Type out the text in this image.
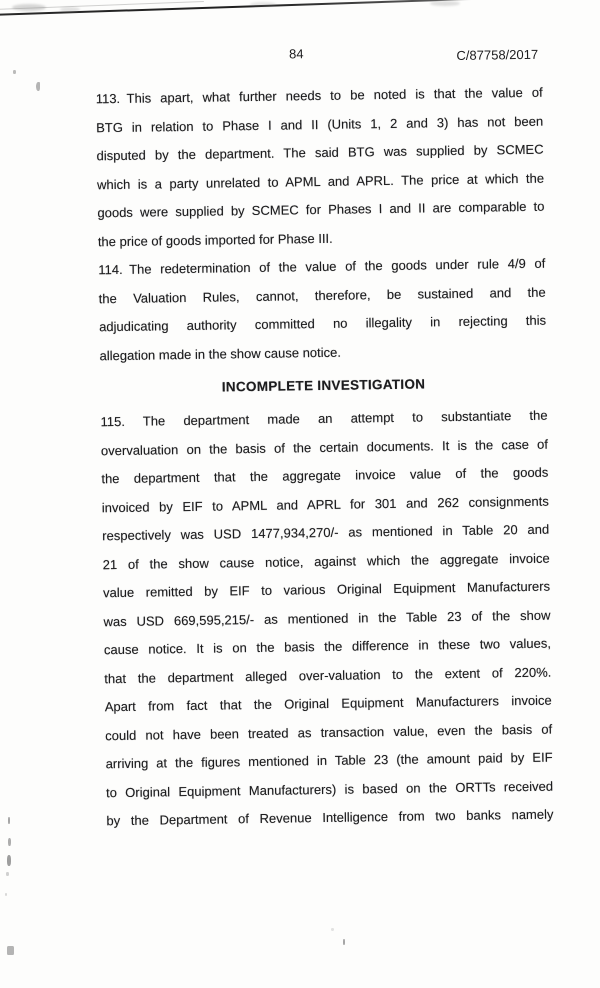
84	C/87758/2017

113. This apart, what further needs to be noted is that the value of
BTG in relation to Phase I and II (Units 1, 2 and 3) has not been
disputed by the department. The said BTG was supplied by SCMEC
which is a party unrelated to APML and APRL. The price at which the
goods were supplied by SCMEC for Phases I and II are comparable to
the price of goods imported for Phase III.

114. The redetermination of the value of the goods under rule 4/9 of
the Valuation Rules, cannot, therefore, be sustained and the
adjudicating authority committed no illegality in rejecting this
allegation made in the show cause notice.

INCOMPLETE INVESTIGATION

115. The department made an attempt to substantiate the
overvaluation on the basis of the certain documents. It is the case of
the department that the aggregate invoice value of the goods
invoiced by EIF to APML and APRL for 301 and 262 consignments
respectively was USD 1477,934,270/- as mentioned in Table 20 and
21 of the show cause notice, against which the aggregate invoice
value remitted by EIF to various Original Equipment Manufacturers
was USD 669,595,215/- as mentioned in the Table 23 of the show
cause notice. It is on the basis the difference in these two values,
that the department alleged over-valuation to the extent of 220%.
Apart from fact that the Original Equipment Manufacturers invoice
could not have been treated as transaction value, even the basis of
arriving at the figures mentioned in Table 23 (the amount paid by EIF
to Original Equipment Manufacturers) is based on the ORTTs received
by the Department of Revenue Intelligence from two banks namely
